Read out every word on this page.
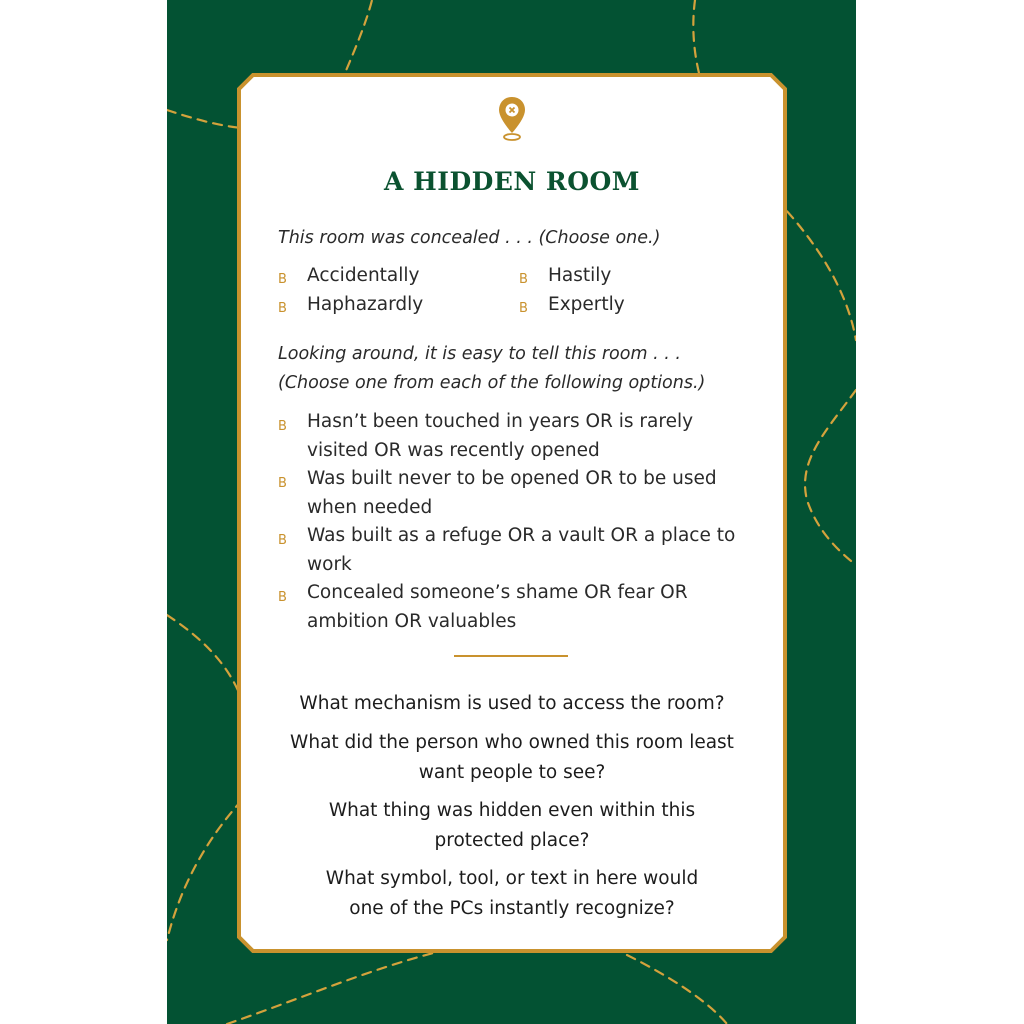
A HIDDEN ROOM
This room was concealed . . . (Choose one.)
B Accidentally	B Hastily
B Haphazardly	B Expertly
Looking around, it is easy to tell this room . . .
(Choose one from each of the following options.)
B Hasn’t been touched in years OR is rarely visited OR was recently opened
B Was built never to be opened OR to be used when needed
B Was built as a refuge OR a vault OR a place to work
B Concealed someone’s shame OR fear OR ambition OR valuables
What mechanism is used to access the room?
What did the person who owned this room least want people to see?
What thing was hidden even within this protected place?
What symbol, tool, or text in here would one of the PCs instantly recognize?
